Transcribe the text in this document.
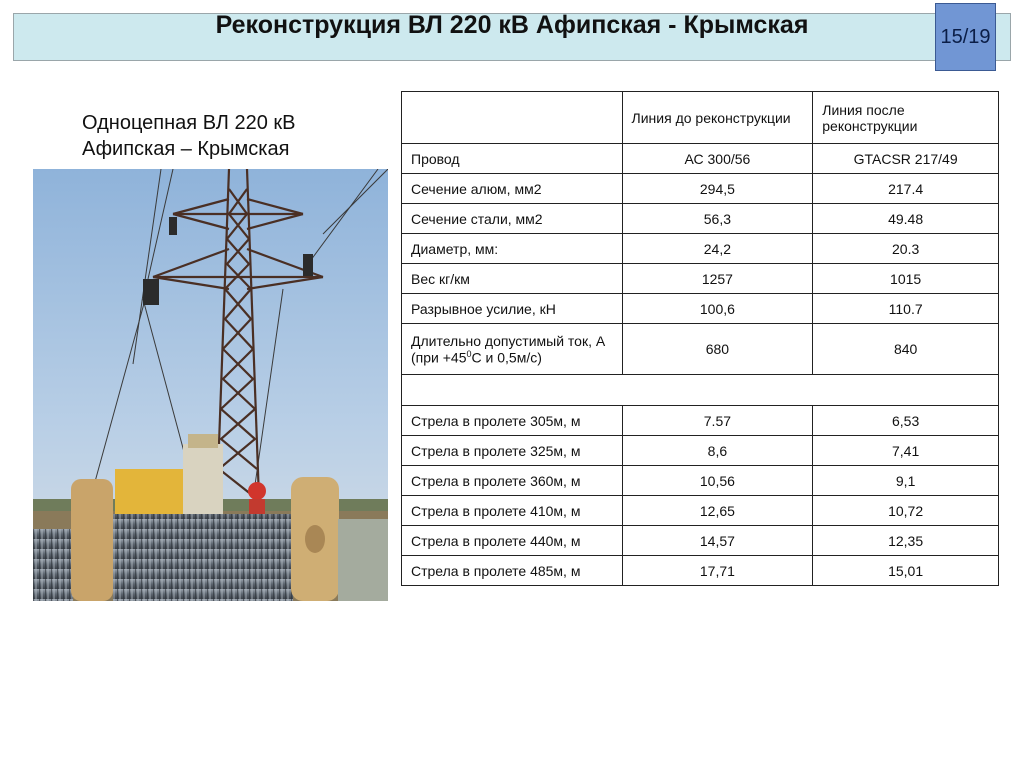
Реконструкция ВЛ 220 кВ Афипская - Крымская	15/19
Одноцепная ВЛ 220 кВ
Афипская – Крымская
	Линия до реконструкции	Линия после реконструкции
Провод	АС 300/56	GTACSR 217/49
Сечение алюм, мм2	294,5	217.4
Сечение стали, мм2	56,3	49.48
Диаметр, мм:	24,2	20.3
Вес кг/км	1257	1015
Разрывное усилие, кН	100,6	110.7
Длительно допустимый ток, А ($при +45^0С$ и 0,5м/с)	680	840

Стрела в пролете 305м, м	7.57	6,53
Стрела в пролете 325м, м	8,6	7,41
Стрела в пролете 360м, м	10,56	9,1
Стрела в пролете 410м, м	12,65	10,72
Стрела в пролете 440м, м	14,57	12,35
Стрела в пролете 485м, м	17,71	15,01
